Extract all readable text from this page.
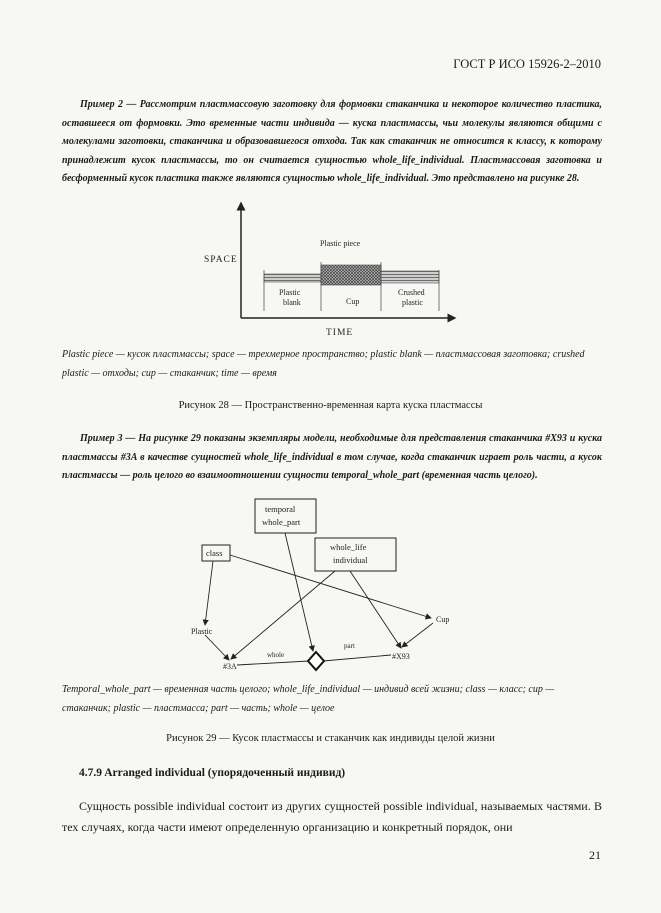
ГОСТ Р ИСО 15926-2–2010
Пример 2 — Рассмотрим пластмассовую заготовку для формовки стаканчика и некоторое количество пластика, оставшееся от формовки. Это временные части индивида — куска пластмассы, чьи молекулы являются общими с молекулами заготовки, стаканчика и образовавшегося отхода. Так как стаканчик не относится к классу, к которому принадлежит кусок пластмассы, то он считается сущностью whole_life_individual. Пластмассовая заготовка и бесформенный кусок пластика также являются сущностью whole_life_individual. Это представлено на рисунке 28.
SPACE
TIME
Plastic piece
Plastic
blank	Cup
Crushed
plastic
Plastic piece — кусок пластмассы; space — трехмерное пространство; plastic blank — пластмассовая заготовка; crushed plastic — отходы; cup — стаканчик; time — время
Рисунок 28 — Пространственно-временная карта куска пластмассы
Пример 3 — На рисунке 29 показаны экземпляры модели, необходимые для представления стаканчика #X93 и куска пластмассы #3A в качестве сущностей whole_life_individual в том случае, когда стаканчик играет роль части, а кусок пластмассы — роль целого во взаимоотношении сущности temporal_whole_part (временная часть целого).
temporal
whole_part
class
whole_life
individual
Plastic
Cup
#3A
#X93
whole
part
Temporal_whole_part — временная часть целого; whole_life_individual — индивид всей жизни; class — класс; cup — стаканчик; plastic — пластмасса; part — часть; whole — целое
Рисунок 29 — Кусок пластмассы и стаканчик как индивиды целой жизни
4.7.9 Arranged individual (упорядоченный индивид)
Сущность possible individual состоит из других сущностей possible individual, называемых частями. В тех случаях, когда части имеют определенную организацию и конкретный порядок, они
21
